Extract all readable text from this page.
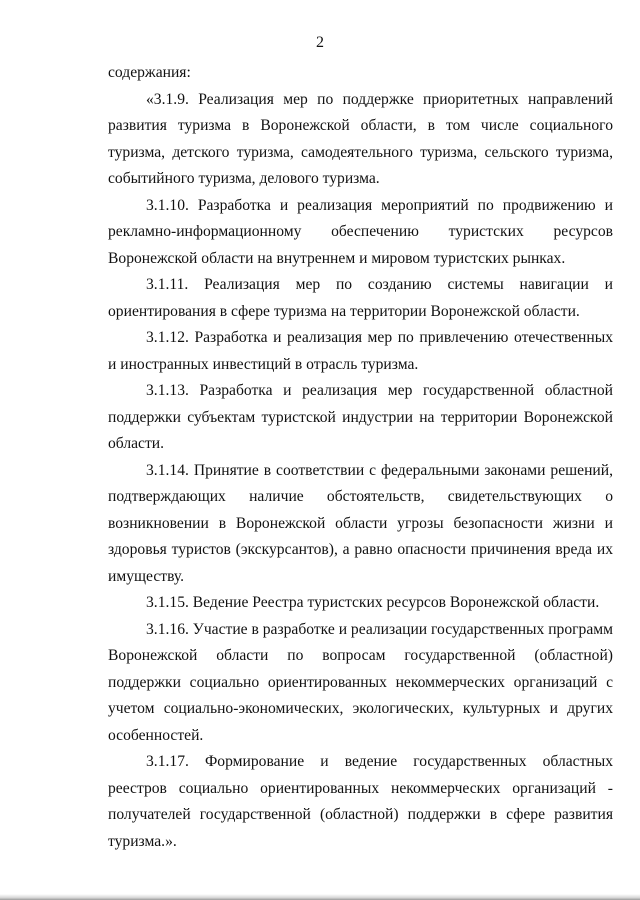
2

содержания:

«3.1.9. Реализация мер по поддержке приоритетных направлений развития туризма в Воронежской области, в том числе социального туризма, детского туризма, самодеятельного туризма, сельского туризма, событийного туризма, делового туризма.

3.1.10. Разработка и реализация мероприятий по продвижению и рекламно-информационному обеспечению туристских ресурсов Воронежской области на внутреннем и мировом туристских рынках.

3.1.11. Реализация мер по созданию системы навигации и ориентирования в сфере туризма на территории Воронежской области.

3.1.12. Разработка и реализация мер по привлечению отечественных и иностранных инвестиций в отрасль туризма.

3.1.13. Разработка и реализация мер государственной областной поддержки субъектам туристской индустрии на территории Воронежской области.

3.1.14. Принятие в соответствии с федеральными законами решений, подтверждающих наличие обстоятельств, свидетельствующих о возникновении в Воронежской области угрозы безопасности жизни и здоровья туристов (экскурсантов), а равно опасности причинения вреда их имуществу.

3.1.15. Ведение Реестра туристских ресурсов Воронежской области.

3.1.16. Участие в разработке и реализации государственных программ Воронежской области по вопросам государственной (областной) поддержки социально ориентированных некоммерческих организаций с учетом социально-экономических, экологических, культурных и других особенностей.

3.1.17. Формирование и ведение государственных областных реестров социально ориентированных некоммерческих организаций - получателей государственной (областной) поддержки в сфере развития туризма.».
